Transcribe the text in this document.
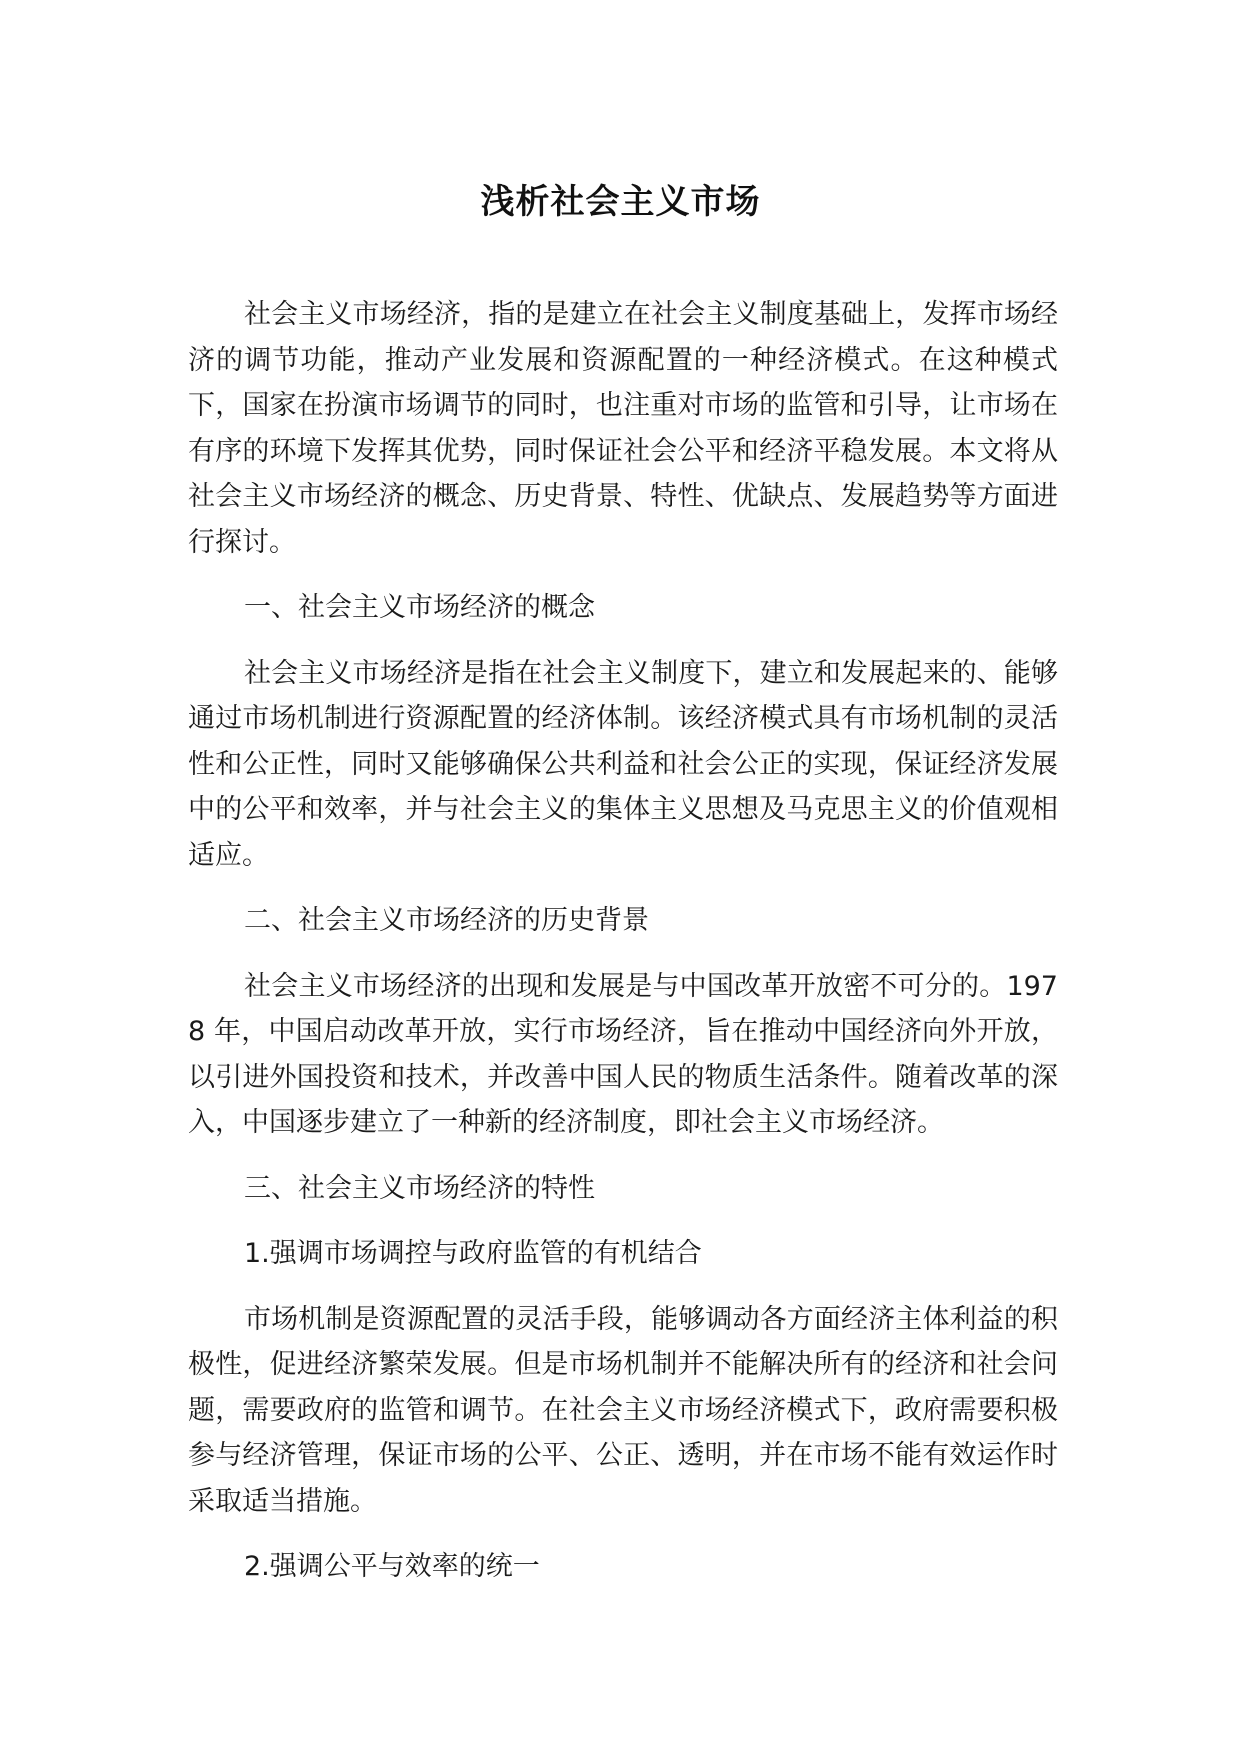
浅析社会主义市场

社会主义市场经济，指的是建立在社会主义制度基础上，发挥市场经济的调节功能，推动产业发展和资源配置的一种经济模式。在这种模式下，国家在扮演市场调节的同时，也注重对市场的监管和引导，让市场在有序的环境下发挥其优势，同时保证社会公平和经济平稳发展。本文将从社会主义市场经济的概念、历史背景、特性、优缺点、发展趋势等方面进行探讨。

一、社会主义市场经济的概念

社会主义市场经济是指在社会主义制度下，建立和发展起来的、能够通过市场机制进行资源配置的经济体制。该经济模式具有市场机制的灵活性和公正性，同时又能够确保公共利益和社会公正的实现，保证经济发展中的公平和效率，并与社会主义的集体主义思想及马克思主义的价值观相适应。

二、社会主义市场经济的历史背景

社会主义市场经济的出现和发展是与中国改革开放密不可分的。1978 年，中国启动改革开放，实行市场经济，旨在推动中国经济向外开放，以引进外国投资和技术，并改善中国人民的物质生活条件。随着改革的深入，中国逐步建立了一种新的经济制度，即社会主义市场经济。

三、社会主义市场经济的特性

1.强调市场调控与政府监管的有机结合

市场机制是资源配置的灵活手段，能够调动各方面经济主体利益的积极性，促进经济繁荣发展。但是市场机制并不能解决所有的经济和社会问题，需要政府的监管和调节。在社会主义市场经济模式下，政府需要积极参与经济管理，保证市场的公平、公正、透明，并在市场不能有效运作时采取适当措施。

2.强调公平与效率的统一
